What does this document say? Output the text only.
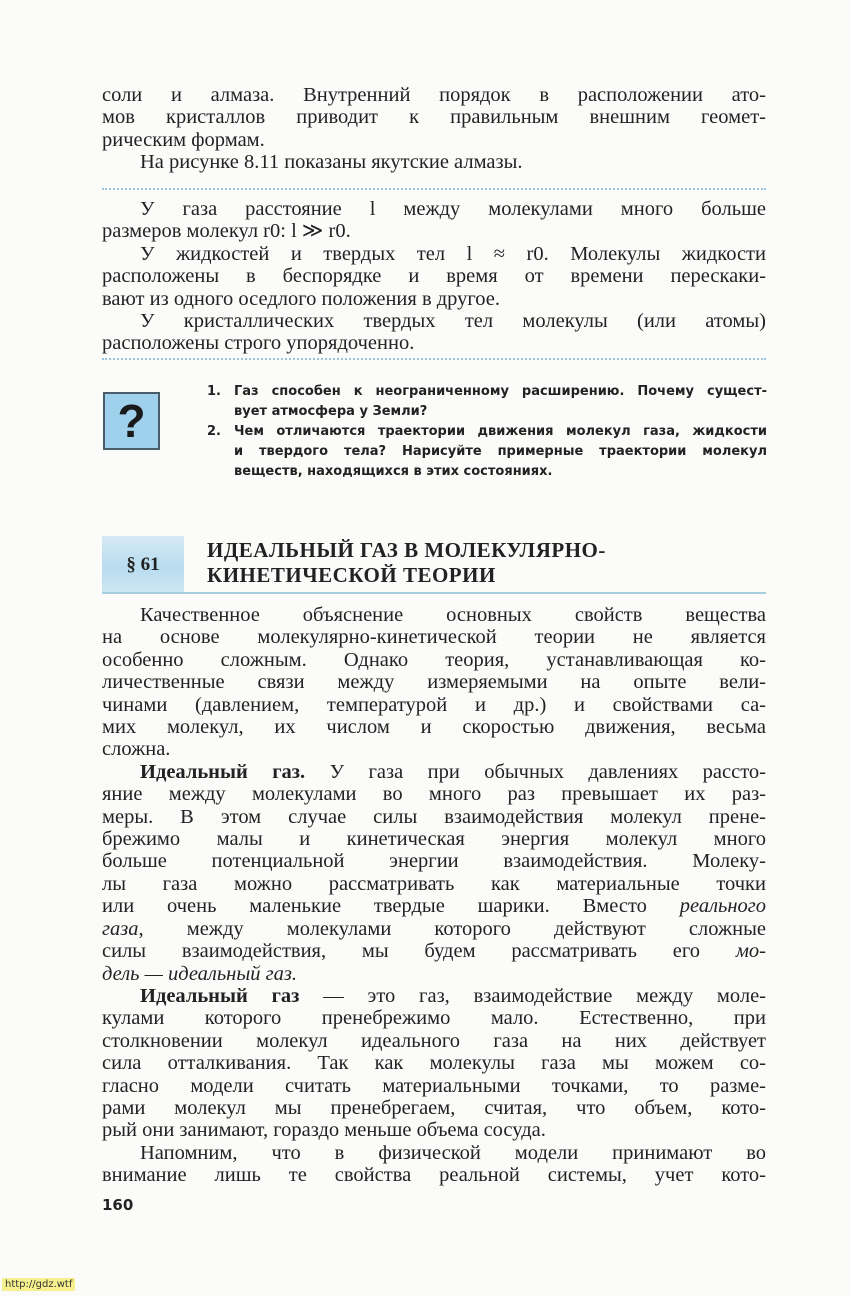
соли и алмаза. Внутренний порядок в расположении ато-
мов кристаллов приводит к правильным внешним геомет-
рическим формам.
На рисунке 8.11 показаны якутские алмазы.
У газа расстояние l между молекулами много больше
размеров молекул r0: l ≫ r0.
У жидкостей и твердых тел l ≈ r0. Молекулы жидкости
расположены в беспорядке и время от времени перескаки-
вают из одного оседлого положения в другое.
У кристаллических твердых тел молекулы (или атомы)
расположены строго упорядоченно.
?
1. Газ способен к неограниченному расширению. Почему сущест-
вует атмосфера у Земли?
2. Чем отличаются траектории движения молекул газа, жидкости
и твердого тела? Нарисуйте примерные траектории молекул
веществ, находящихся в этих состояниях.
§ 61
ИДЕАЛЬНЫЙ ГАЗ В МОЛЕКУЛЯРНО-
КИНЕТИЧЕСКОЙ ТЕОРИИ
Качественное объяснение основных свойств вещества
на основе молекулярно-кинетической теории не является
особенно сложным. Однако теория, устанавливающая ко-
личественные связи между измеряемыми на опыте вели-
чинами (давлением, температурой и др.) и свойствами са-
мих молекул, их числом и скоростью движения, весьма
сложна.
Идеальный газ. У газа при обычных давлениях рассто-
яние между молекулами во много раз превышает их раз-
меры. В этом случае силы взаимодействия молекул прене-
брежимо малы и кинетическая энергия молекул много
больше потенциальной энергии взаимодействия. Молеку-
лы газа можно рассматривать как материальные точки
или очень маленькие твердые шарики. Вместо реального
газа, между молекулами которого действуют сложные
силы взаимодействия, мы будем рассматривать его мо-
дель — идеальный газ.
Идеальный газ — это газ, взаимодействие между моле-
кулами которого пренебрежимо мало. Естественно, при
столкновении молекул идеального газа на них действует
сила отталкивания. Так как молекулы газа мы можем со-
гласно модели считать материальными точками, то разме-
рами молекул мы пренебрегаем, считая, что объем, кото-
рый они занимают, гораздо меньше объема сосуда.
Напомним, что в физической модели принимают во
внимание лишь те свойства реальной системы, учет кото-
160
http://gdz.wtf
